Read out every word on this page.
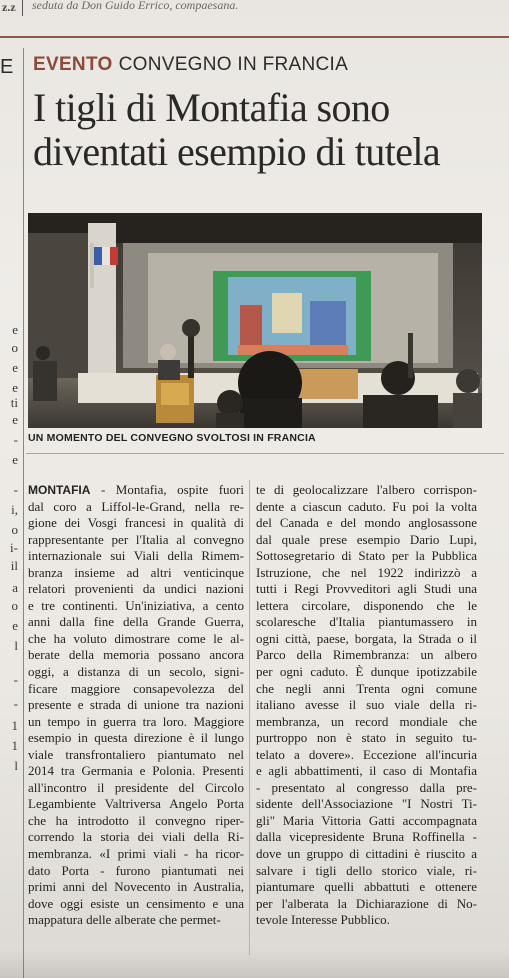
z.z seduta da Don Guido Errico, compaesana.
E
e
o
e
e
ti
e
-
e
-
i,
o
i-
il
a
o
e
l
-
-
1
1
l
EVENTO CONVEGNO IN FRANCIA
I tigli di Montafia sono
diventati esempio di tutela
UN MOMENTO DEL CONVEGNO SVOLTOSI IN FRANCIA
MONTAFIA - Montafia, ospite fuori
dal coro a Liffol-le-Grand, nella re-
gione dei Vosgi francesi in qualità di
rappresentante per l'Italia al convegno
internazionale sui Viali della Rimem-
branza insieme ad altri venticinque
relatori provenienti da undici nazioni
e tre continenti. Un'iniziativa, a cento
anni dalla fine della Grande Guerra,
che ha voluto dimostrare come le al-
berate della memoria possano ancora
oggi, a distanza di un secolo, signi-
ficare maggiore consapevolezza del
presente e strada di unione tra nazioni
un tempo in guerra tra loro. Maggiore
esempio in questa direzione è il lungo
viale transfrontaliero piantumato nel
2014 tra Germania e Polonia. Presenti
all'incontro il presidente del Circolo
Legambiente Valtriversa Angelo Porta
che ha introdotto il convegno riper-
correndo la storia dei viali della Ri-
membranza. «I primi viali - ha ricor-
dato Porta - furono piantumati nei
primi anni del Novecento in Australia,
dove oggi esiste un censimento e una
mappatura delle alberate che permet-
te di geolocalizzare l'albero corrispon-
dente a ciascun caduto. Fu poi la volta
del Canada e del mondo anglosassone
dal quale prese esempio Dario Lupi,
Sottosegretario di Stato per la Pubblica
Istruzione, che nel 1922 indirizzò a
tutti i Regi Provveditori agli Studi una
lettera circolare, disponendo che le
scolaresche d'Italia piantumassero in
ogni città, paese, borgata, la Strada o il
Parco della Rimembranza: un albero
per ogni caduto. È dunque ipotizzabile
che negli anni Trenta ogni comune
italiano avesse il suo viale della ri-
membranza, un record mondiale che
purtroppo non è stato in seguito tu-
telato a dovere». Eccezione all'incuria
e agli abbattimenti, il caso di Montafia
- presentato al congresso dalla pre-
sidente dell'Associazione "I Nostri Ti-
gli" Maria Vittoria Gatti accompagnata
dalla vicepresidente Bruna Roffinella -
dove un gruppo di cittadini è riuscito a
salvare i tigli dello storico viale, ri-
piantumare quelli abbattuti e ottenere
per l'alberata la Dichiarazione di No-
tevole Interesse Pubblico.
